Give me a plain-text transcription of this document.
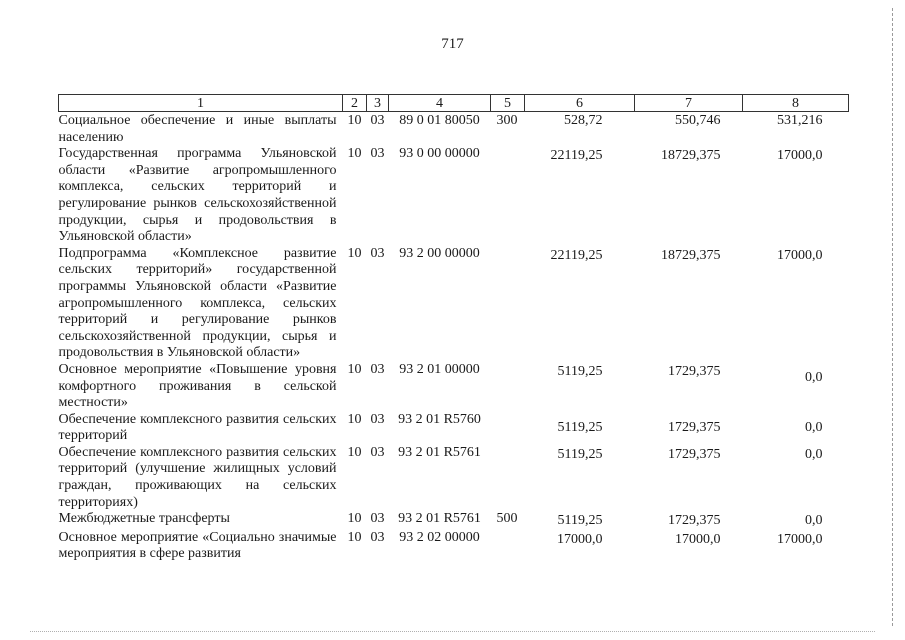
717
1	2	3	4	5	6	7	8
Социальное обеспечение и иные выплаты населению	10	03	89 0 01 80050	300	528,72	550,746	531,216
Государственная программа Ульяновской области «Развитие агропромышленного комплекса, сельских территорий и регулирование рынков сельскохозяйственной продукции, сырья и продовольствия в Ульяновской области»	10	03	93 0 00 00000		22119,25	18729,375	17000,0
Подпрограмма «Комплексное развитие сельских территорий» государственной программы Ульяновской области «Развитие агропромышленного комплекса, сельских территорий и регулирование рынков сельскохозяйственной продукции, сырья и продовольствия в Ульяновской области»	10	03	93 2 00 00000		22119,25	18729,375	17000,0
Основное мероприятие «Повышение уровня комфортного проживания в сельской местности»	10	03	93 2 01 00000		5119,25	1729,375	0,0
Обеспечение комплексного развития сельских территорий	10	03	93 2 01 R5760		5119,25	1729,375	0,0
Обеспечение комплексного развития сельских территорий (улучшение жилищных условий граждан, проживающих на сельских территориях)	10	03	93 2 01 R5761		5119,25	1729,375	0,0
Межбюджетные трансферты	10	03	93 2 01 R5761	500	5119,25	1729,375	0,0
Основное мероприятие «Социально значимые мероприятия в сфере развития	10	03	93 2 02 00000		17000,0	17000,0	17000,0
